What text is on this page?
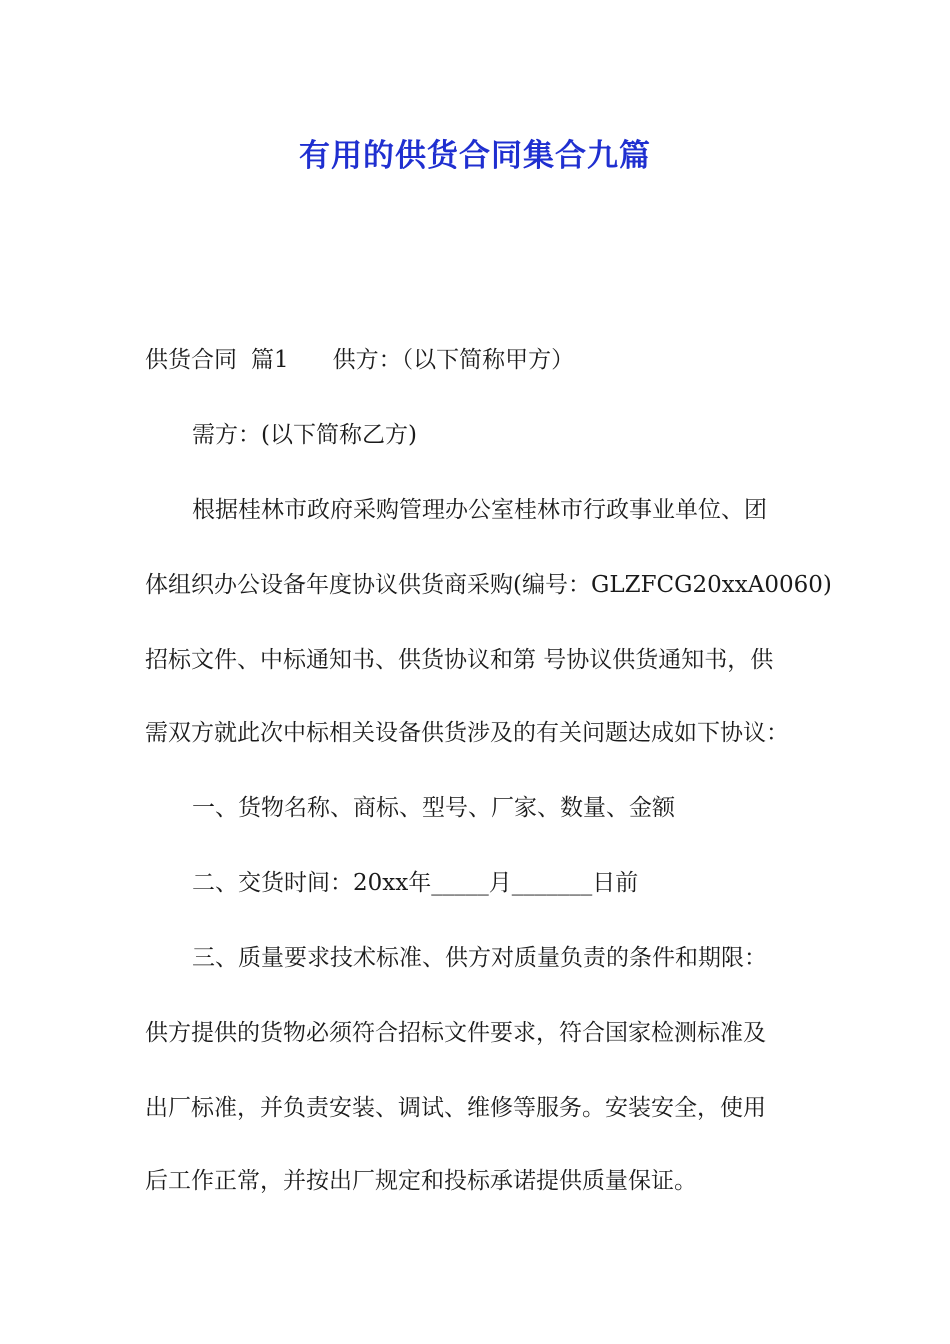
有用的供货合同集合九篇
供货合同 篇1 供方：（以下简称甲方）
需方：(以下简称乙方)
根据桂林市政府采购管理办公室桂林市行政事业单位、团
体组织办公设备年度协议供货商采购(编号：GLZFCG20xxA0060)
招标文件、中标通知书、供货协议和第 号协议供货通知书，供
需双方就此次中标相关设备供货涉及的有关问题达成如下协议：
一、货物名称、商标、型号、厂家、数量、金额
二、交货时间：20xx年_____月_______日前
三、质量要求技术标准、供方对质量负责的条件和期限：
供方提供的货物必须符合招标文件要求，符合国家检测标准及
出厂标准，并负责安装、调试、维修等服务。安装安全，使用
后工作正常，并按出厂规定和投标承诺提供质量保证。
